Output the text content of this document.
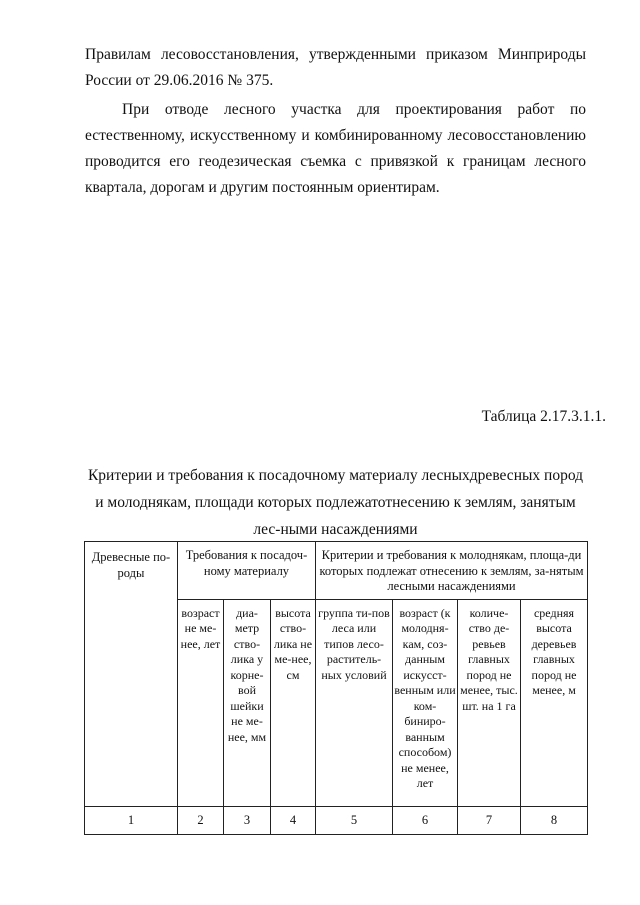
Правилам лесовосстановления, утвержденными приказом Минприроды России от 29.06.2016 № 375.

При отводе лесного участка для проектирования работ по естественному, искусственному и комбинированному лесовосстановлению проводится его геодезическая съемка с привязкой к границам лесного квартала, дорогам и другим постоянным ориентирам.

Таблица 2.17.3.1.1.

Критерии и требования к посадочному материалу лесныхдревесных пород и молоднякам, площади которых подлежатотнесению к землям, занятым лес-ными насаждениями

Древесные по-роды	Требования к посадоч-ному материалу			Критерии и требования к молоднякам, площа-ди которых подлежат отнесению к землям, за-нятым лесными насаждениями			
	возраст не ме-нее, лет	диа-метр ство-лика у корне-вой шейки не ме-нее, мм	высота ство-лика не ме-нее, см	группа ти-пов леса или типов лесо-раститель-ных условий	возраст (к молодня-кам, соз-данным искусст-венным или ком-биниро-ванным способом) не менее, лет	количе-ство де-ревьев главных пород не менее, тыс. шт. на 1 га	средняя высота деревьев главных пород не менее, м
1	2	3	4	5	6	7	8
